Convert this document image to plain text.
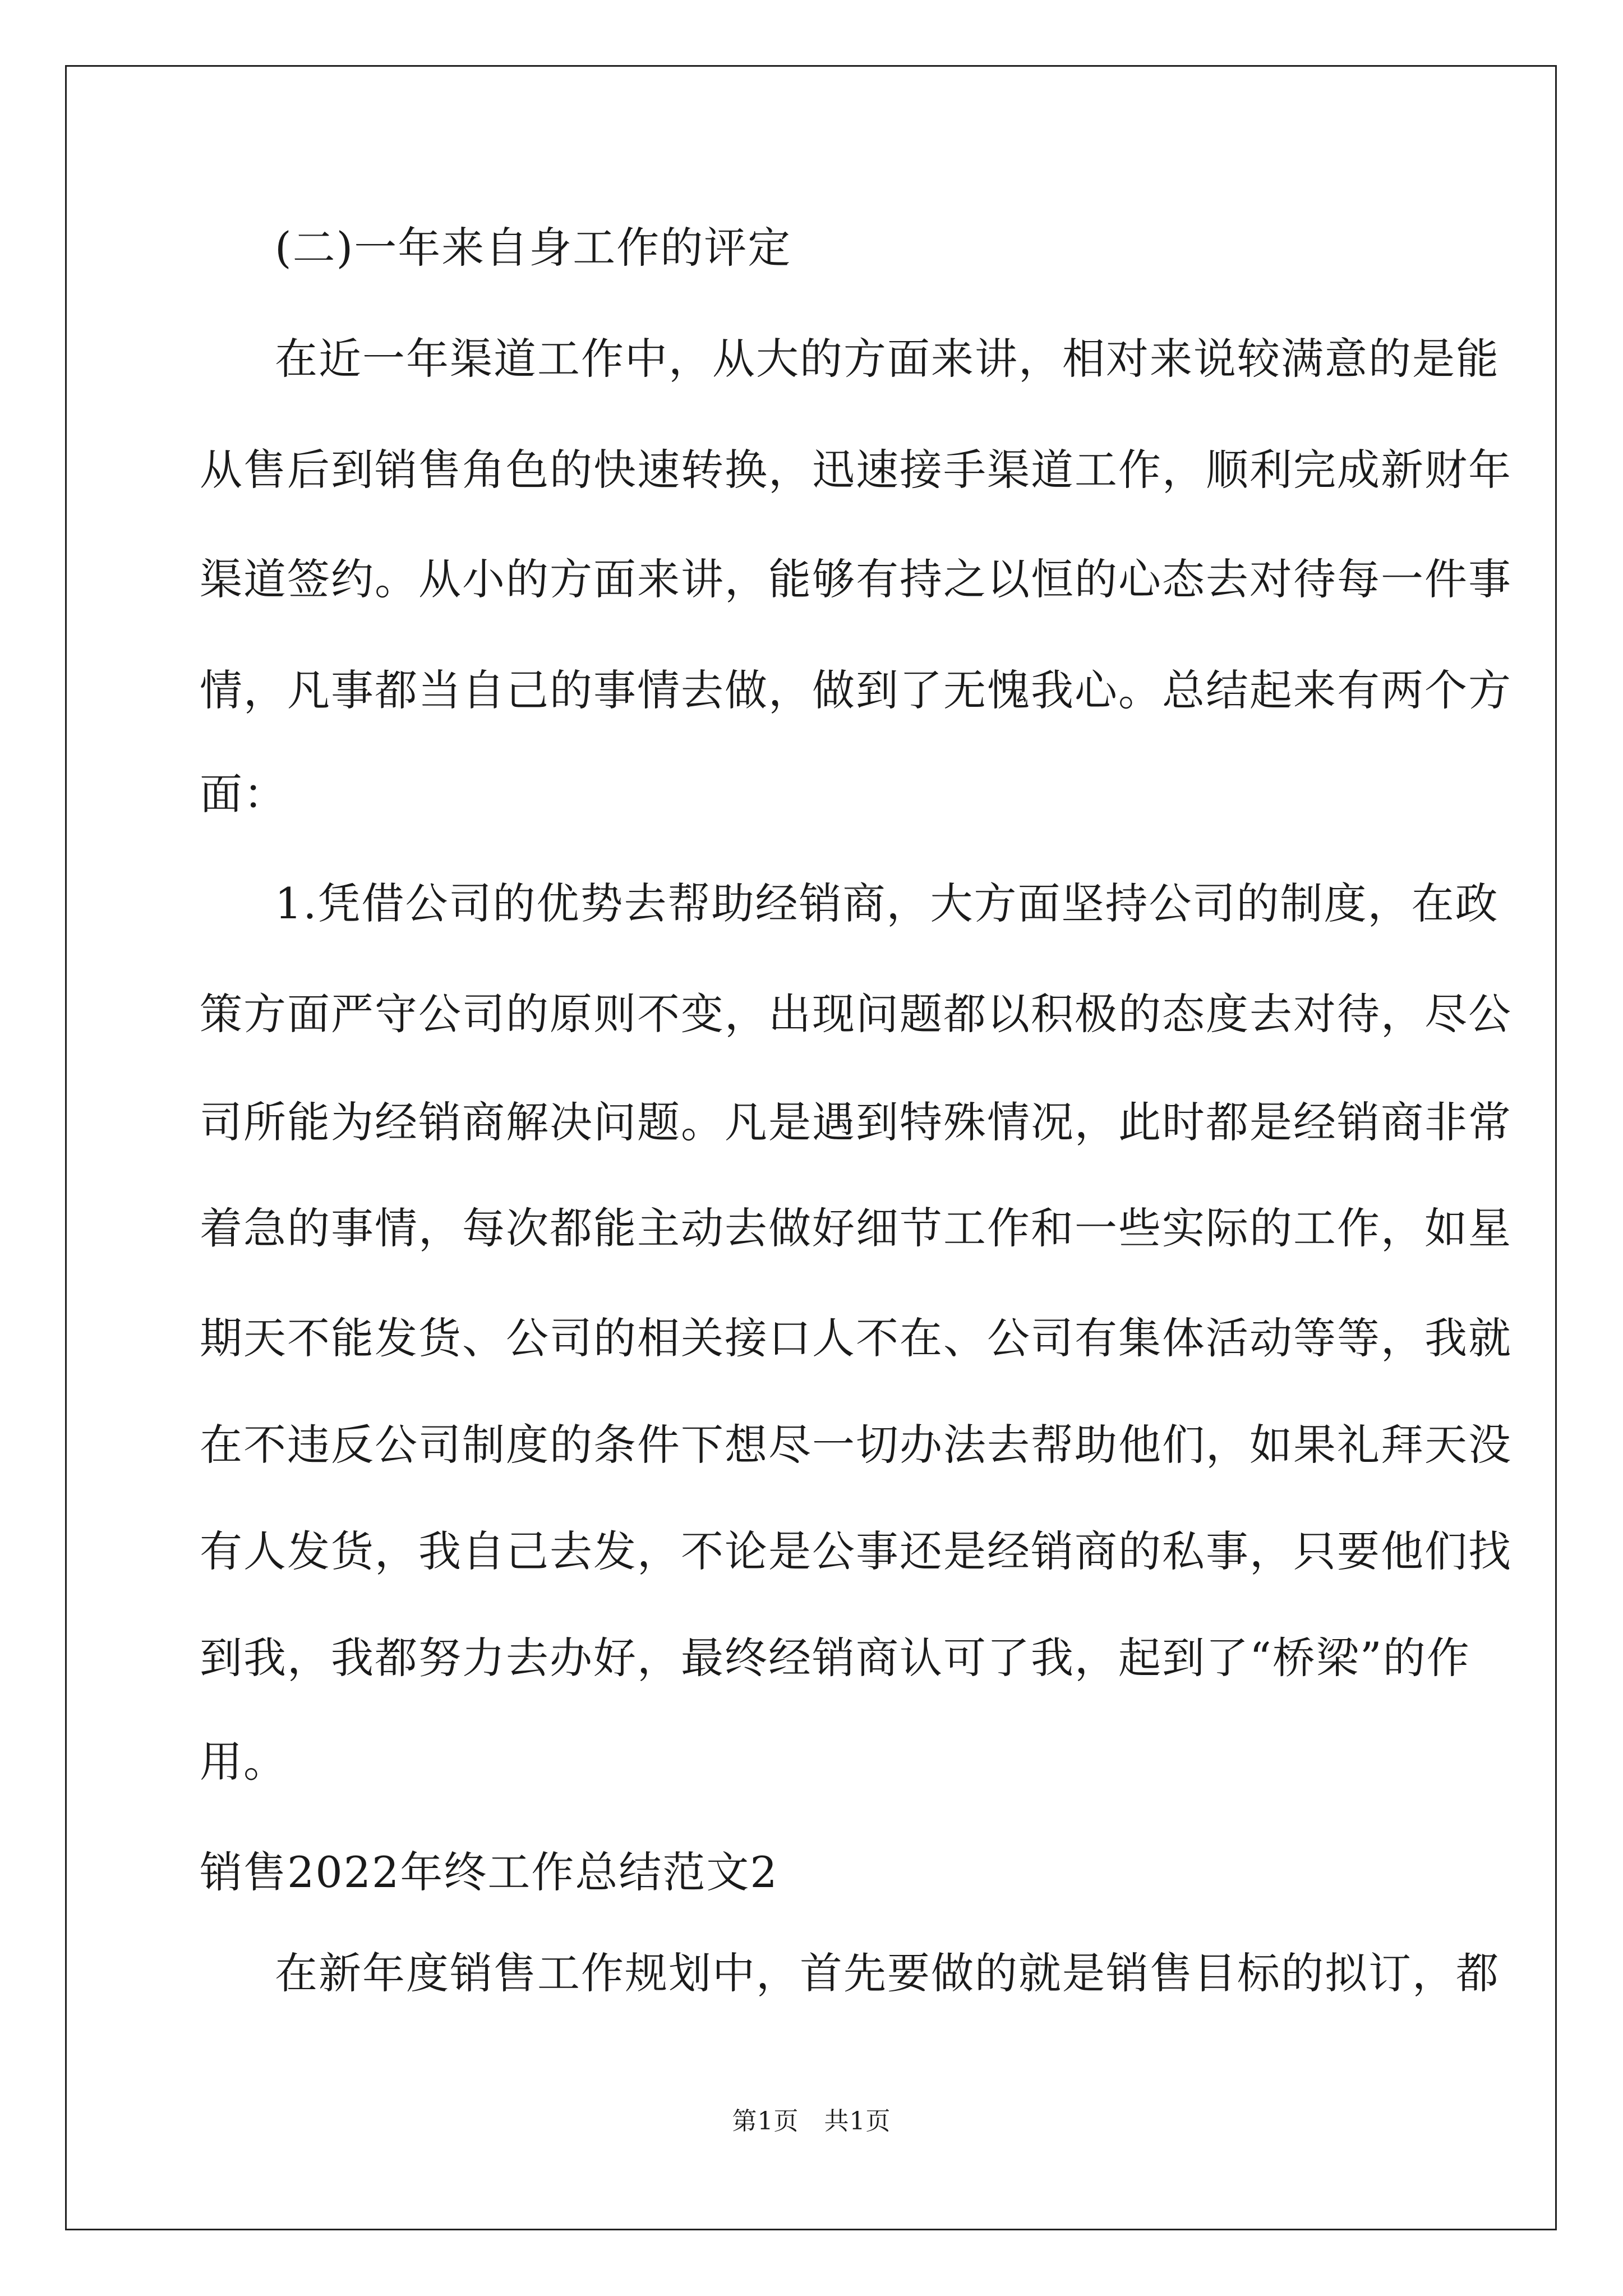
(二)一年来自身工作的评定
在近一年渠道工作中，从大的方面来讲，相对来说较满意的是能
从售后到销售角色的快速转换，迅速接手渠道工作，顺利完成新财年
渠道签约。从小的方面来讲，能够有持之以恒的心态去对待每一件事
情，凡事都当自己的事情去做，做到了无愧我心。总结起来有两个方
面：
1.凭借公司的优势去帮助经销商，大方面坚持公司的制度，在政
策方面严守公司的原则不变，出现问题都以积极的态度去对待，尽公
司所能为经销商解决问题。凡是遇到特殊情况，此时都是经销商非常
着急的事情，每次都能主动去做好细节工作和一些实际的工作，如星
期天不能发货、公司的相关接口人不在、公司有集体活动等等，我就
在不违反公司制度的条件下想尽一切办法去帮助他们，如果礼拜天没
有人发货，我自己去发，不论是公事还是经销商的私事，只要他们找
到我，我都努力去办好，最终经销商认可了我，起到了“桥梁”的作
用。
销售2022年终工作总结范文2
在新年度销售工作规划中，首先要做的就是销售目标的拟订，都
第1页　共1页
